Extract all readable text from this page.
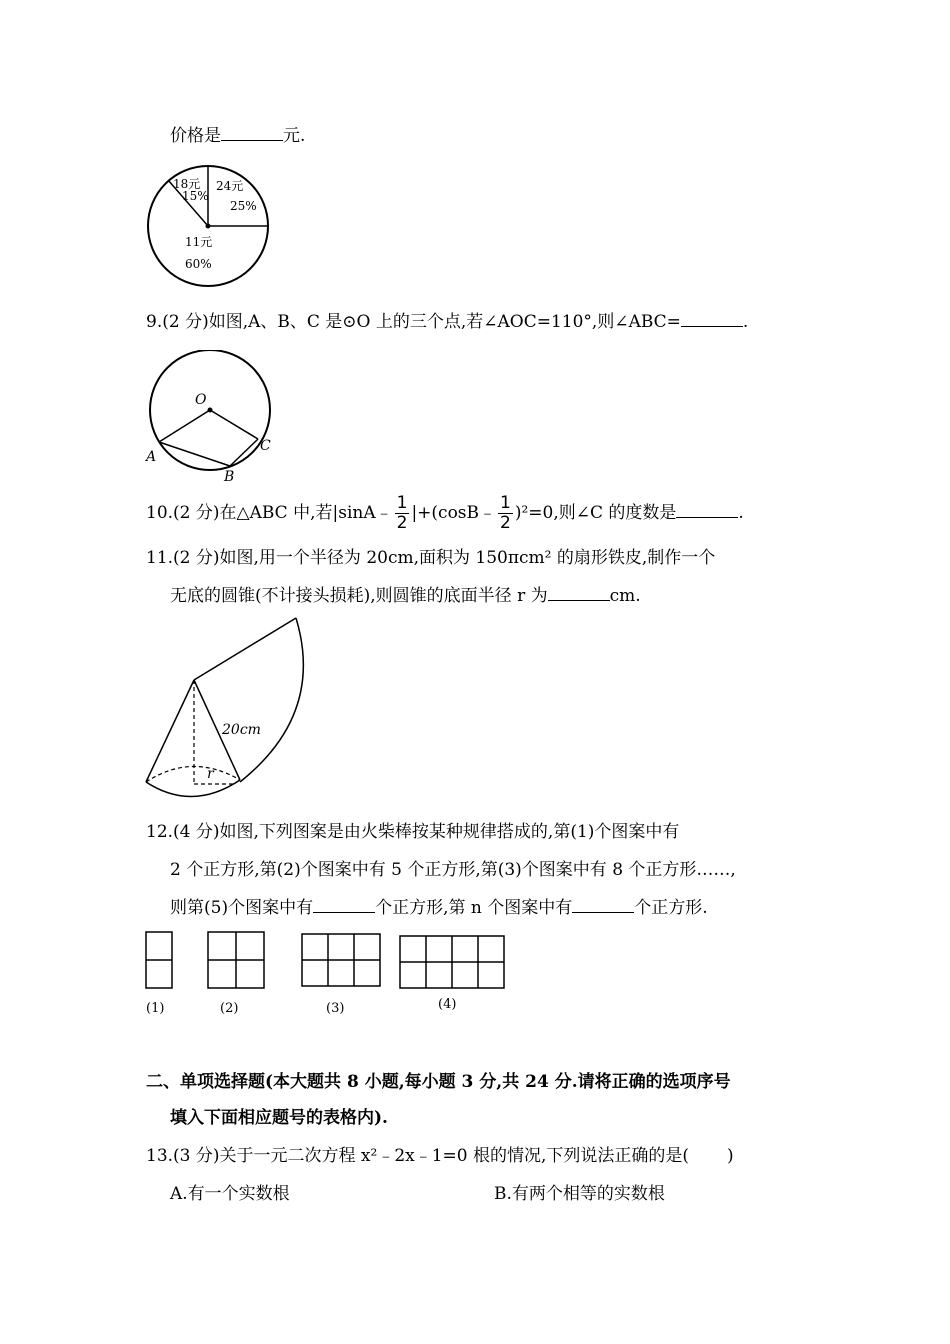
价格是	元.
18元
15%
24元
25%
11元
60%
9.(2 分)如图,A、B、C 是⊙O 上的三个点,若∠AOC=110°,则∠ABC=	.
O
A
B
C
10.(2 分)在△ABC 中,若|sinA﹣ $\frac{1}{2}$ |+(cosB﹣ $\frac{1}{2} )^2=0$,则∠C 的度数是	.
11.(2 分)如图,用一个半径为 20cm,面积为 150πcm² 的扇形铁皮,制作一个
无底的圆锥(不计接头损耗),则圆锥的底面半径 r 为	cm.
20cm
r
12.(4 分)如图,下列图案是由火柴棒按某种规律搭成的,第(1)个图案中有
2 个正方形,第(2)个图案中有 5 个正方形,第(3)个图案中有 8 个正方形……,
则第(5)个图案中有	个正方形,第 n 个图案中有	个正方形.
(1)	(2)	(3)	(4)
二、单项选择题(本大题共 8 小题,每小题 3 分,共 24 分.请将正确的选项序号
填入下面相应题号的表格内).
13.(3 分)关于一元二次方程 x²﹣2x﹣1=0 根的情况,下列说法正确的是( )
A.有一个实数根	B.有两个相等的实数根
